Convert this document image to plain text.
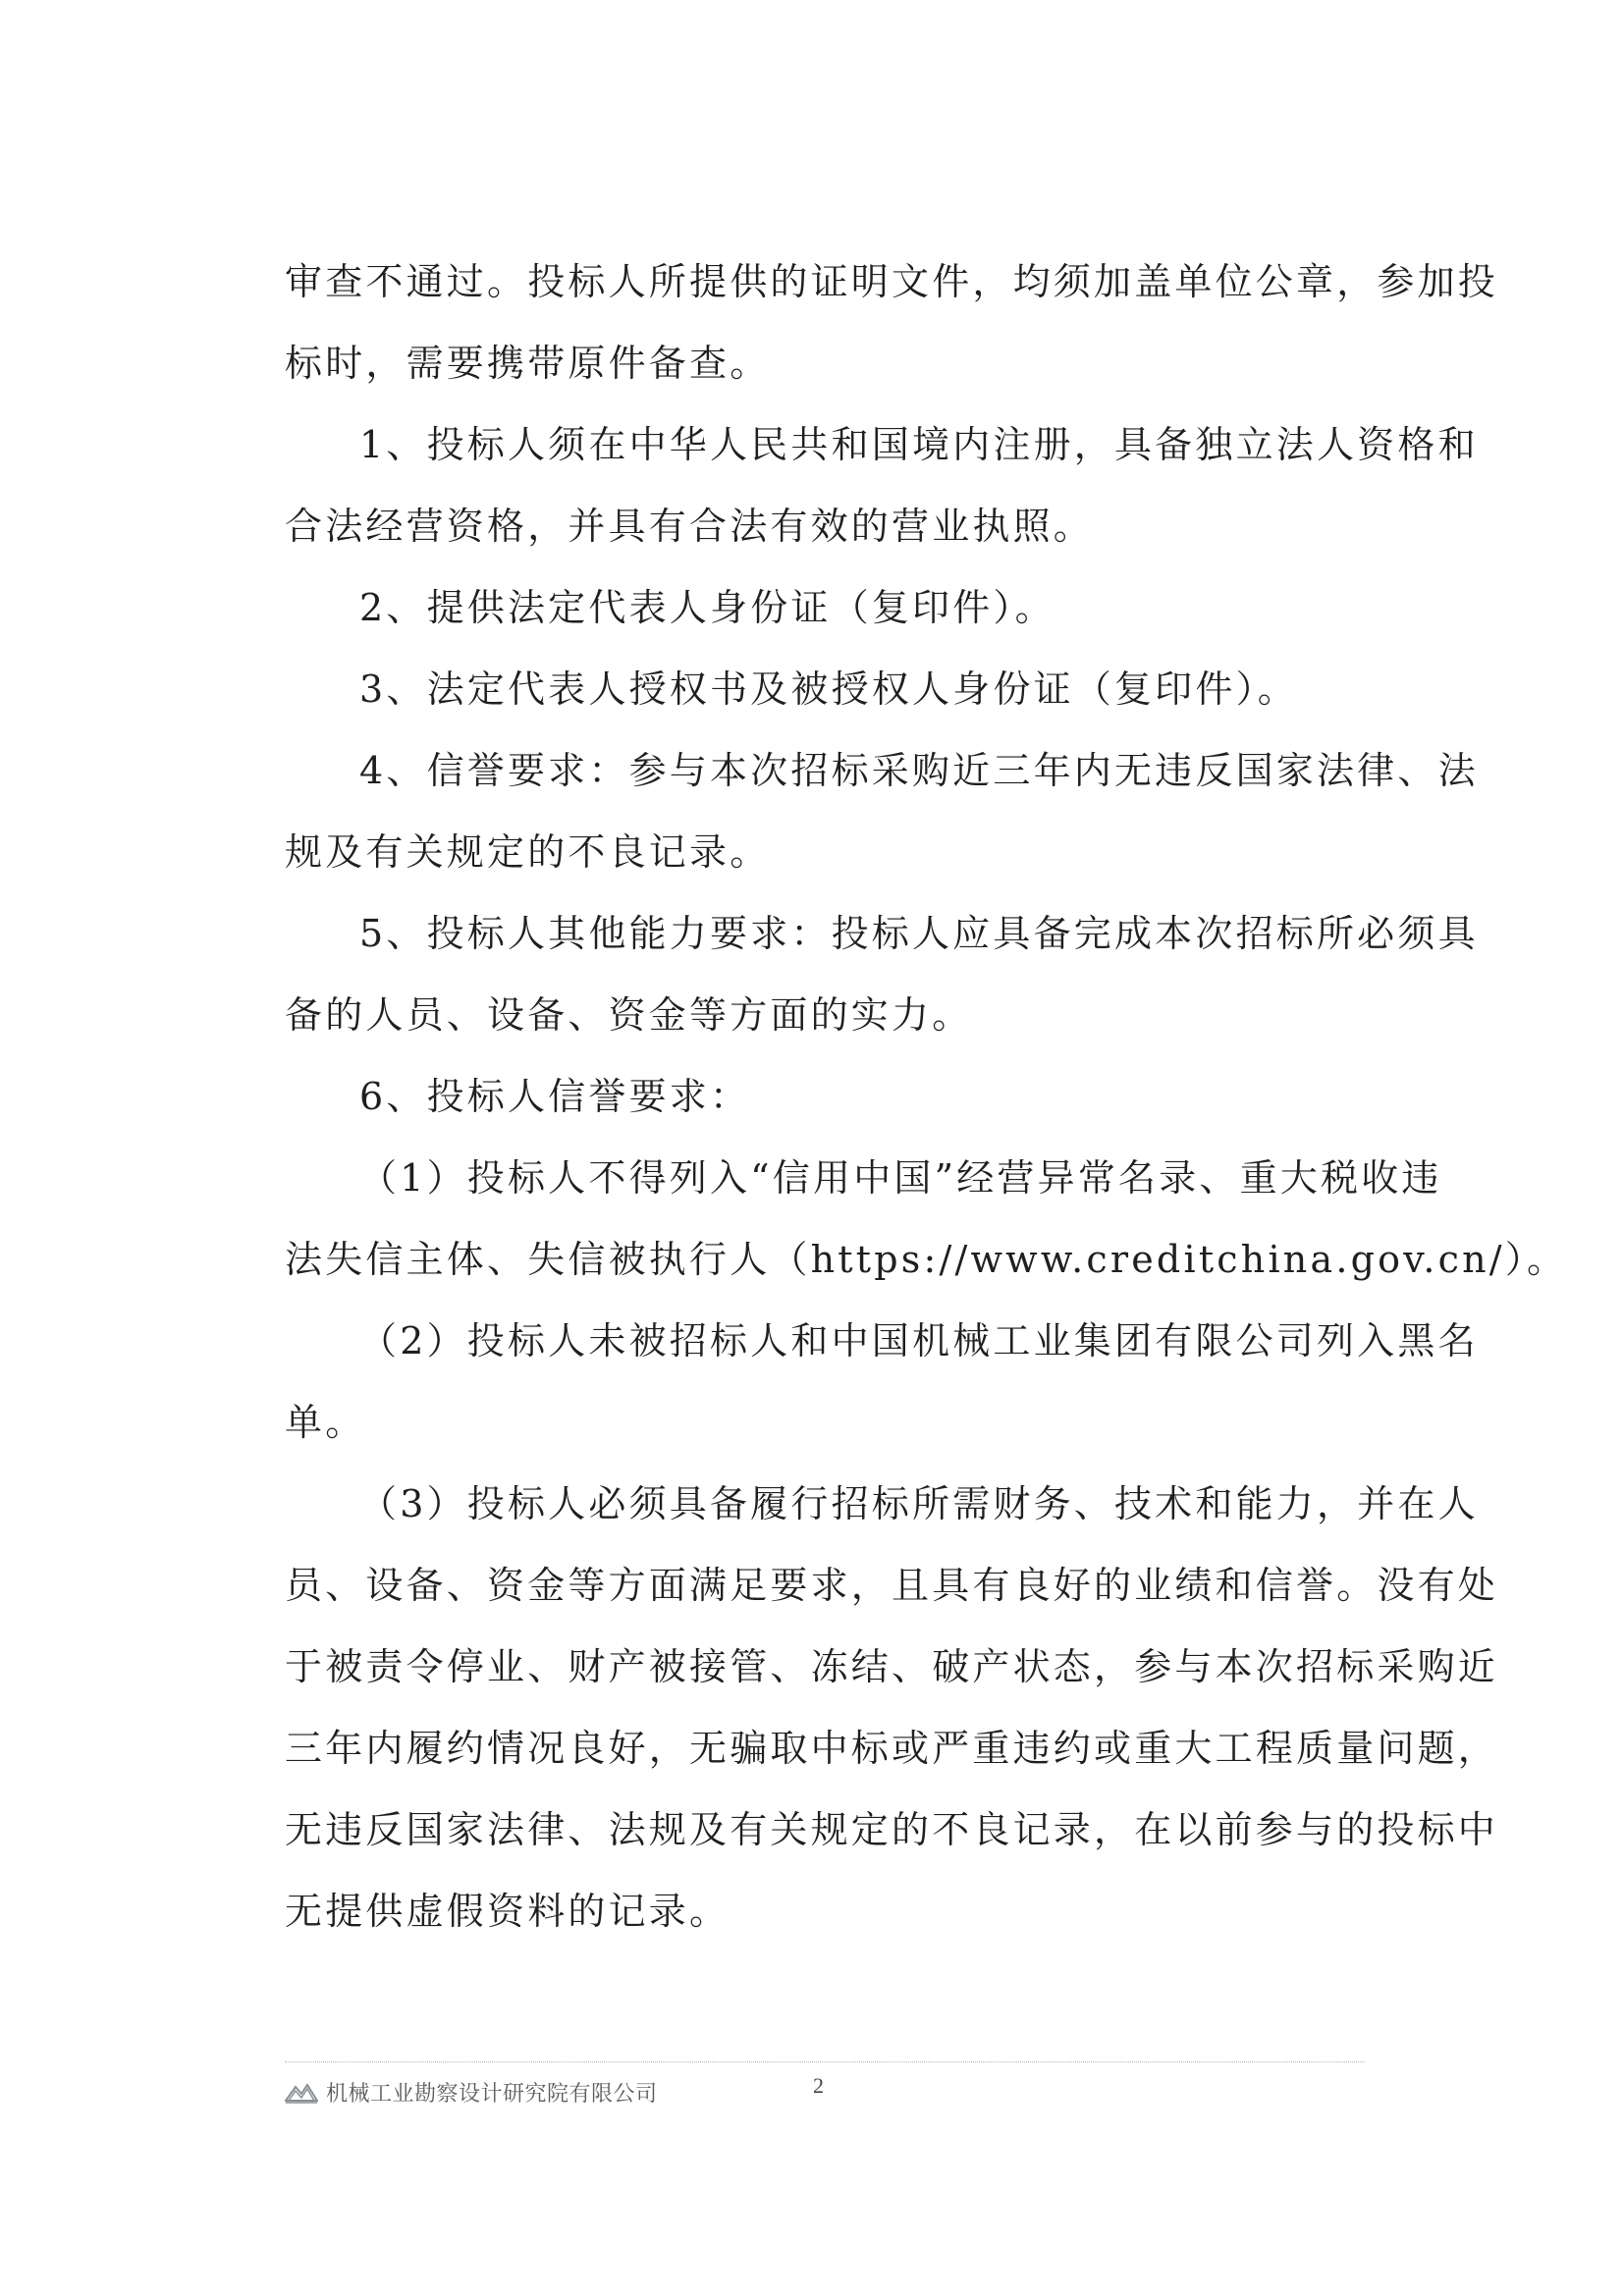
审查不通过。投标人所提供的证明文件，均须加盖单位公章，参加投

标时，需要携带原件备查。

1、投标人须在中华人民共和国境内注册，具备独立法人资格和

合法经营资格，并具有合法有效的营业执照。

2、提供法定代表人身份证（复印件）。

3、法定代表人授权书及被授权人身份证（复印件）。

4、信誉要求：参与本次招标采购近三年内无违反国家法律、法

规及有关规定的不良记录。

5、投标人其他能力要求：投标人应具备完成本次招标所必须具

备的人员、设备、资金等方面的实力。

6、投标人信誉要求：

（1）投标人不得列入“信用中国”经营异常名录、重大税收违

法失信主体、失信被执行人（https://www.creditchina.gov.cn/）。

（2）投标人未被招标人和中国机械工业集团有限公司列入黑名

单。

（3）投标人必须具备履行招标所需财务、技术和能力，并在人

员、设备、资金等方面满足要求，且具有良好的业绩和信誉。没有处

于被责令停业、财产被接管、冻结、破产状态，参与本次招标采购近

三年内履约情况良好，无骗取中标或严重违约或重大工程质量问题，

无违反国家法律、法规及有关规定的不良记录，在以前参与的投标中

无提供虚假资料的记录。

机械工业勘察设计研究院有限公司	2
